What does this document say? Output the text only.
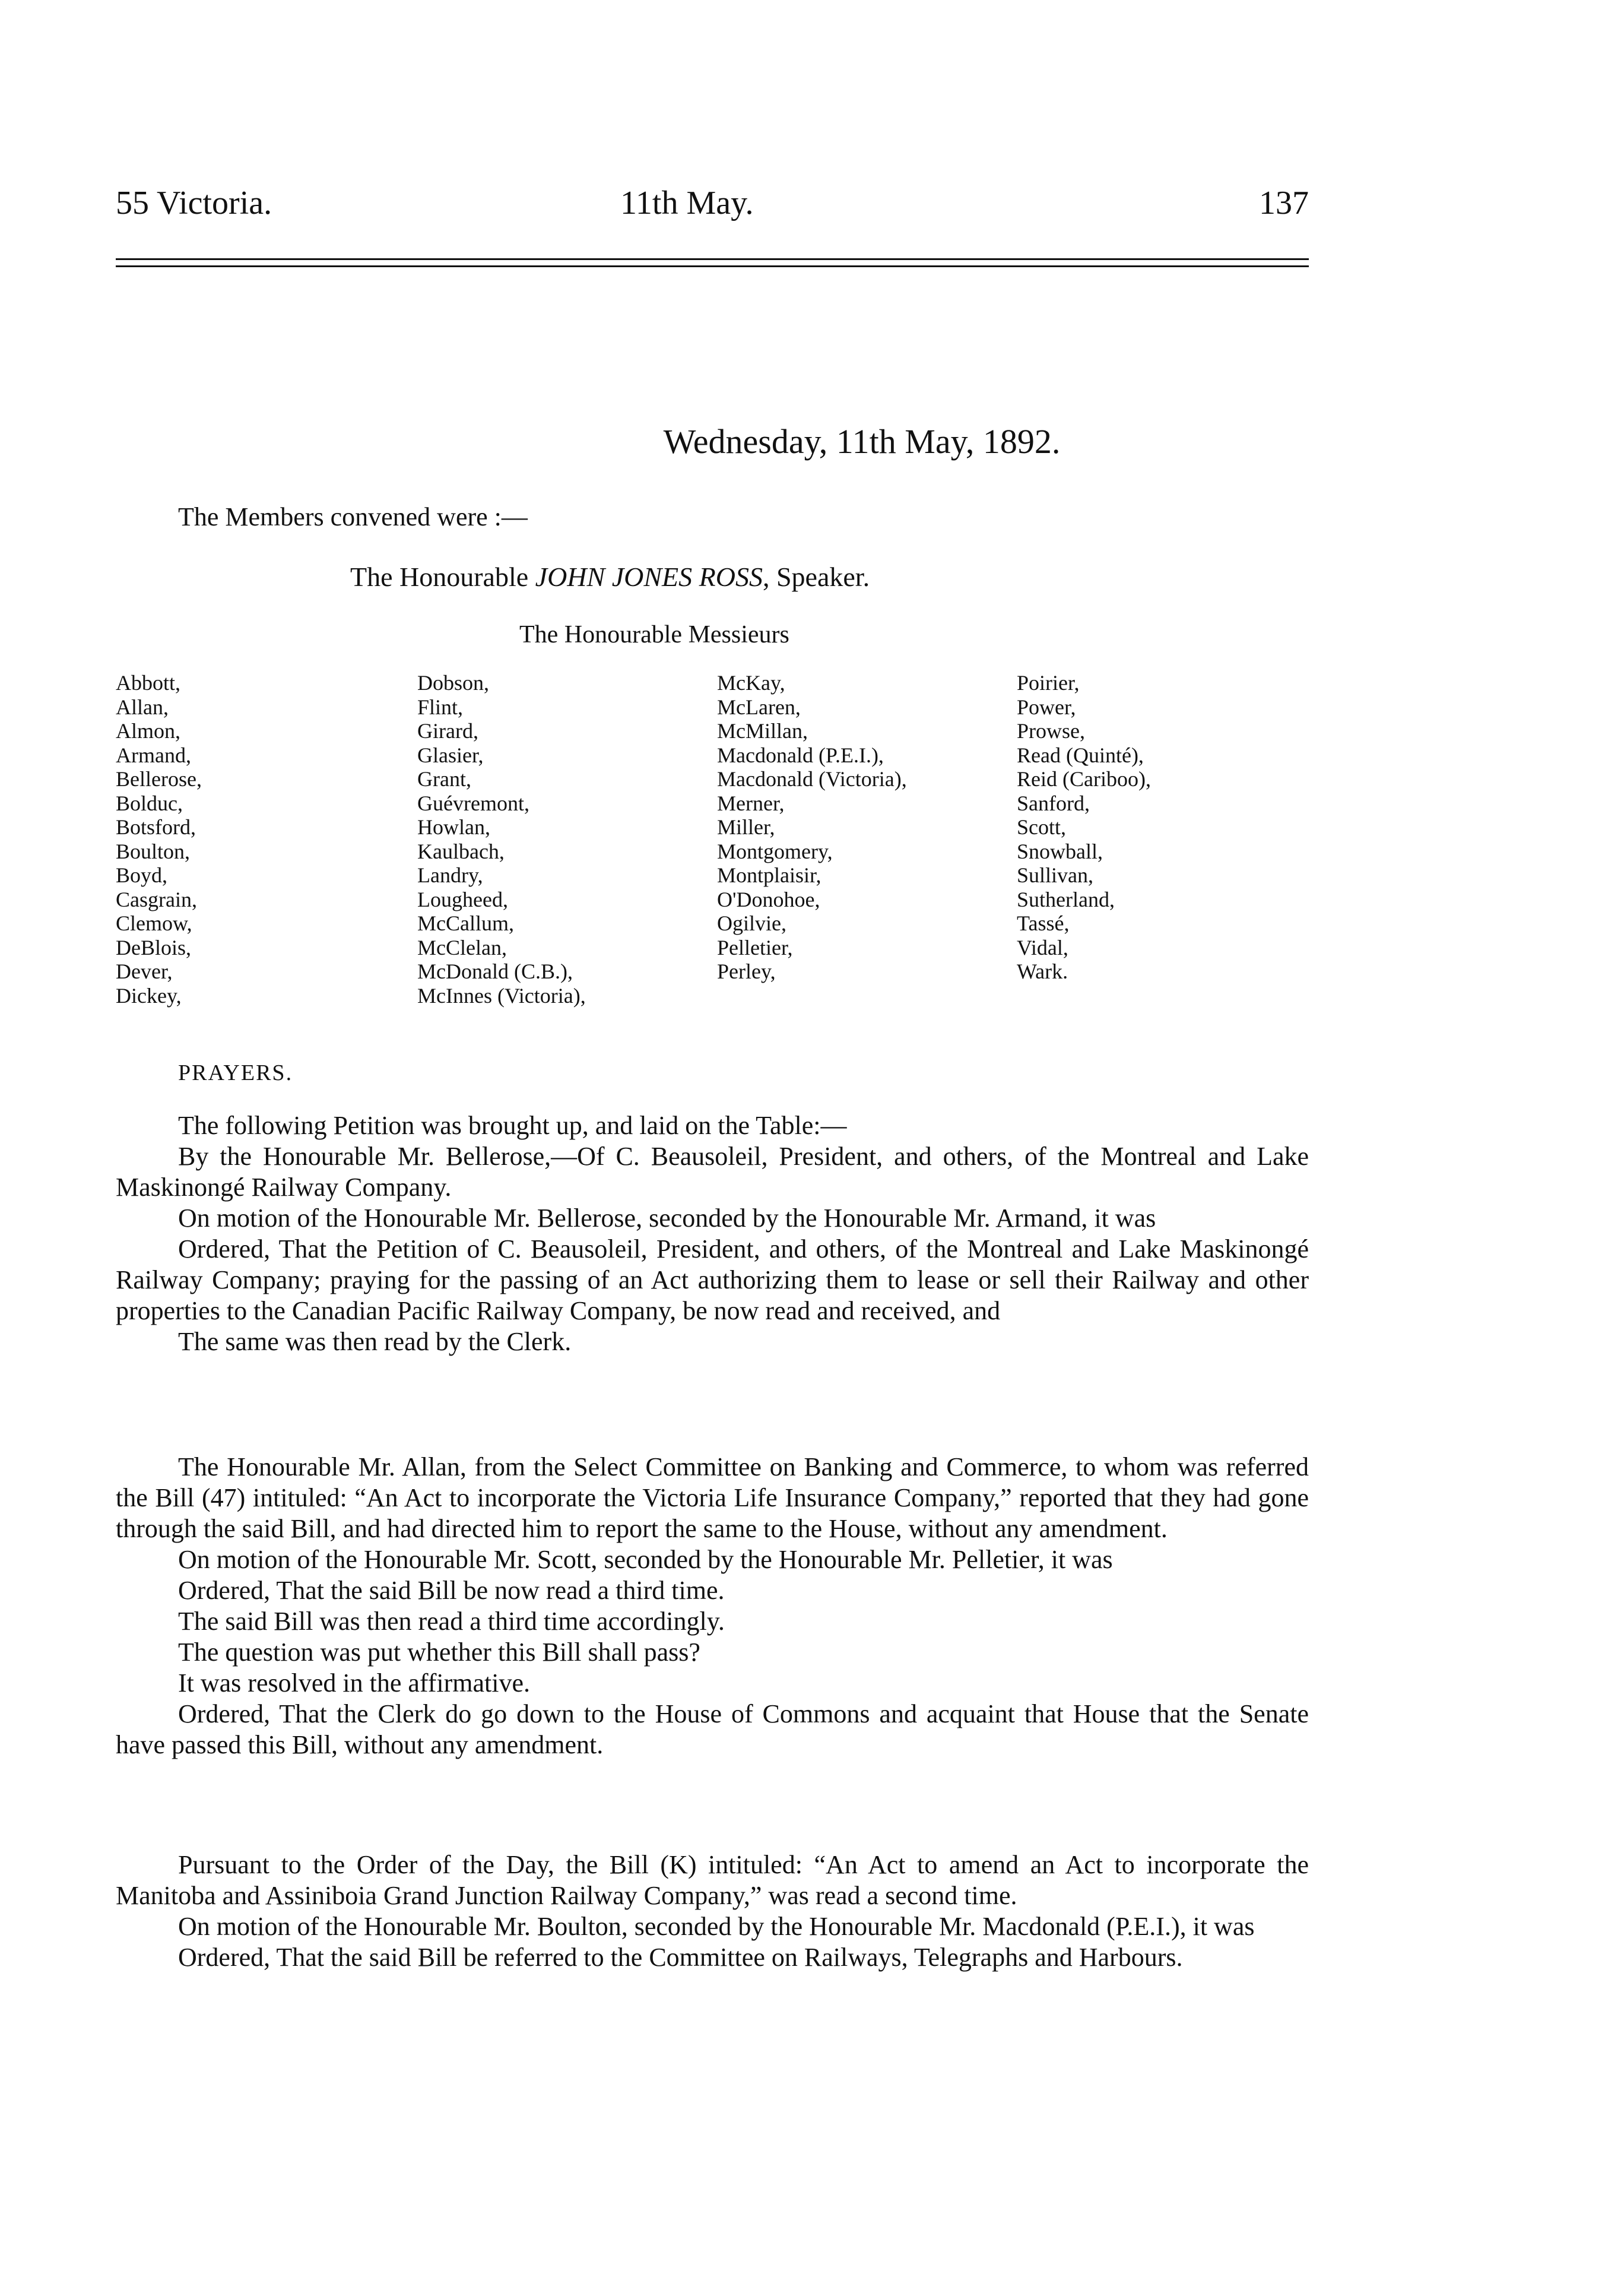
55 Victoria.	11th May.	137
Wednesday, 11th May, 1892.
The Members convened were :—
The Honourable JOHN JONES ROSS, Speaker.
The Honourable Messieurs
Abbott,
Allan,
Almon,
Armand,
Bellerose,
Bolduc,
Botsford,
Boulton,
Boyd,
Casgrain,
Clemow,
DeBlois,
Dever,
Dickey,
Dobson,
Flint,
Girard,
Glasier,
Grant,
Guévremont,
Howlan,
Kaulbach,
Landry,
Lougheed,
McCallum,
McClelan,
McDonald (C.B.),
McInnes (Victoria),
McKay,
McLaren,
McMillan,
Macdonald (P.E.I.),
Macdonald (Victoria),
Merner,
Miller,
Montgomery,
Montplaisir,
O'Donohoe,
Ogilvie,
Pelletier,
Perley,
Poirier,
Power,
Prowse,
Read (Quinté),
Reid (Cariboo),
Sanford,
Scott,
Snowball,
Sullivan,
Sutherland,
Tassé,
Vidal,
Wark.
PRAYERS.

The following Petition was brought up, and laid on the Table:—

By the Honourable Mr. Bellerose,—Of C. Beausoleil, President, and others, of the Montreal and Lake Maskinongé Railway Company.

On motion of the Honourable Mr. Bellerose, seconded by the Honourable Mr. Armand, it was

Ordered, That the Petition of C. Beausoleil, President, and others, of the Montreal and Lake Maskinongé Railway Company; praying for the passing of an Act authorizing them to lease or sell their Railway and other properties to the Canadian Pacific Railway Company, be now read and received, and

The same was then read by the Clerk.

The Honourable Mr. Allan, from the Select Committee on Banking and Commerce, to whom was referred the Bill (47) intituled: “An Act to incorporate the Victoria Life Insurance Company,” reported that they had gone through the said Bill, and had directed him to report the same to the House, without any amendment.

On motion of the Honourable Mr. Scott, seconded by the Honourable Mr. Pelletier, it was

Ordered, That the said Bill be now read a third time.

The said Bill was then read a third time accordingly.

The question was put whether this Bill shall pass?

It was resolved in the affirmative.

Ordered, That the Clerk do go down to the House of Commons and acquaint that House that the Senate have passed this Bill, without any amendment.

Pursuant to the Order of the Day, the Bill (K) intituled: “An Act to amend an Act to incorporate the Manitoba and Assiniboia Grand Junction Railway Company,” was read a second time.

On motion of the Honourable Mr. Boulton, seconded by the Honourable Mr. Macdonald (P.E.I.), it was

Ordered, That the said Bill be referred to the Committee on Railways, Telegraphs and Harbours.
